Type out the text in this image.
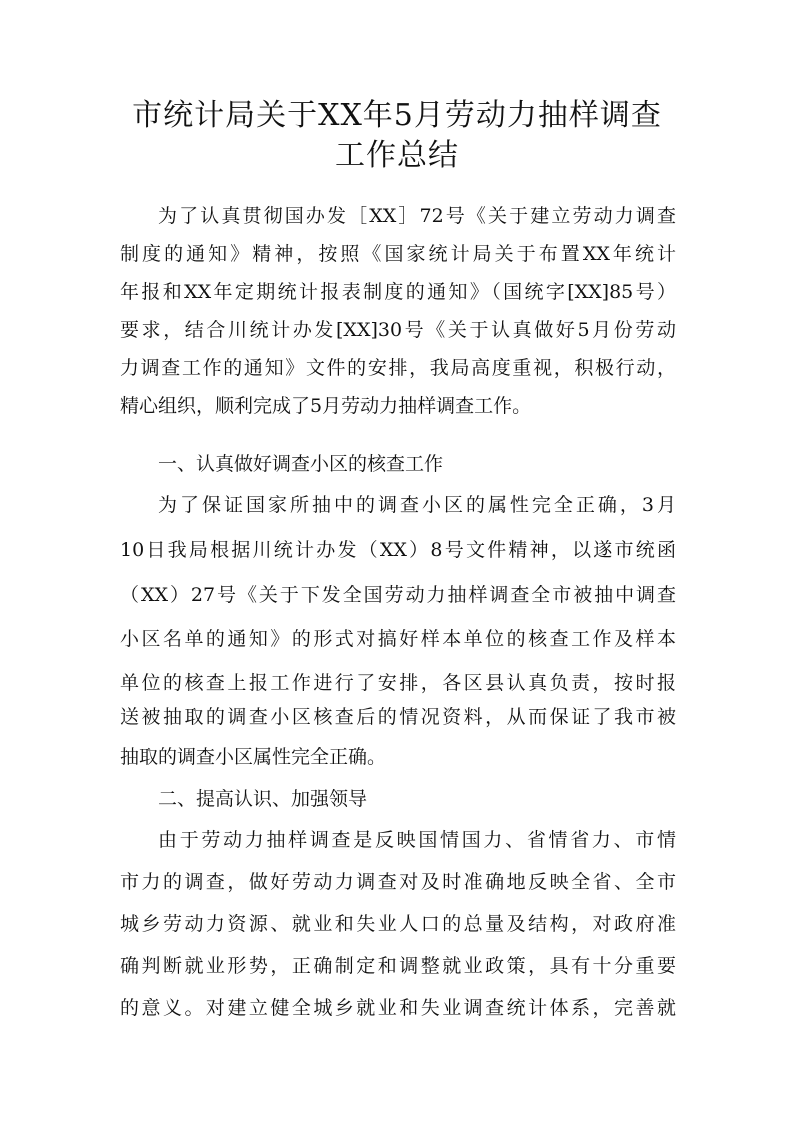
市统计局关于XX年5月劳动力抽样调查
工作总结
为了认真贯彻国办发［XX］72号《关于建立劳动力调查
制度的通知》精神，按照《国家统计局关于布置XX年统计
年报和XX年定期统计报表制度的通知》（国统字[XX]85号）
要求，结合川统计办发[XX]30号《关于认真做好5月份劳动
力调查工作的通知》文件的安排，我局高度重视，积极行动，
精心组织，顺利完成了5月劳动力抽样调查工作。
一、认真做好调查小区的核查工作
为了保证国家所抽中的调查小区的属性完全正确，3月
10日我局根据川统计办发（XX）8号文件精神，以遂市统函
（XX）27号《关于下发全国劳动力抽样调查全市被抽中调查
小区名单的通知》的形式对搞好样本单位的核查工作及样本
单位的核查上报工作进行了安排，各区县认真负责，按时报
送被抽取的调查小区核查后的情况资料，从而保证了我市被
抽取的调查小区属性完全正确。
二、提高认识、加强领导
由于劳动力抽样调查是反映国情国力、省情省力、市情
市力的调查，做好劳动力调查对及时准确地反映全省、全市
城乡劳动力资源、就业和失业人口的总量及结构，对政府准
确判断就业形势，正确制定和调整就业政策，具有十分重要
的意义。对建立健全城乡就业和失业调查统计体系，完善就
